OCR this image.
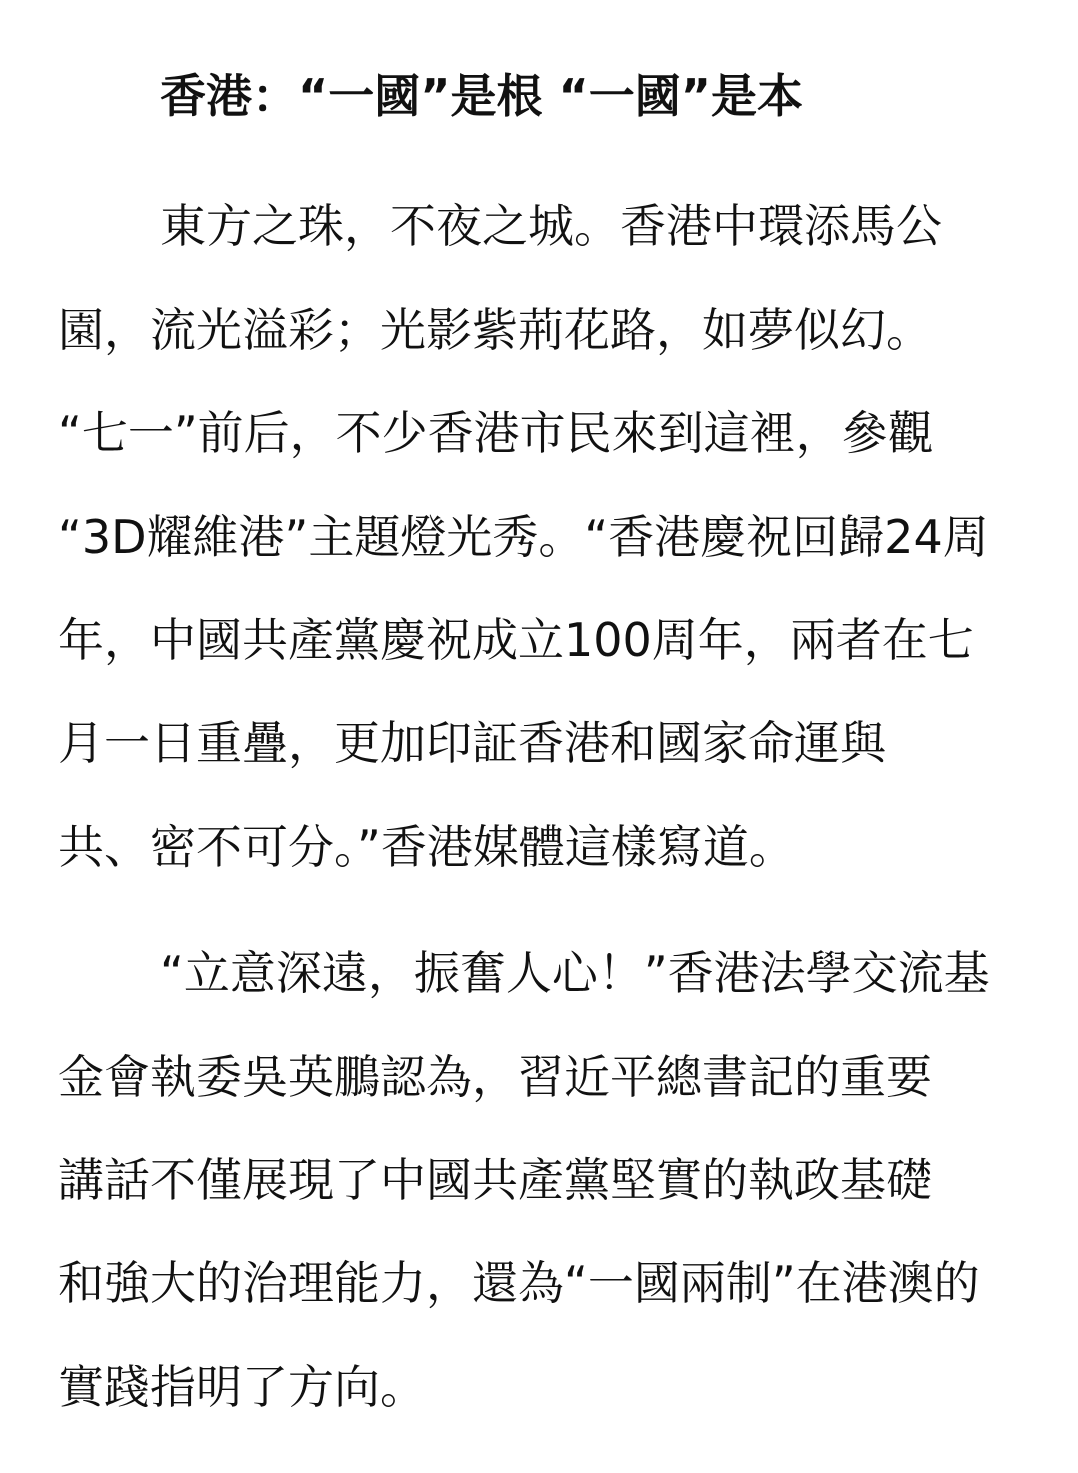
香港：“一國”是根 “一國”是本
東方之珠，不夜之城。香港中環添馬公
園，流光溢彩；光影紫荊花路，如夢似幻。
“七一”前后，不少香港市民來到這裡，參觀
“3D耀維港”主題燈光秀。“香港慶祝回歸24周
年，中國共產黨慶祝成立100周年，兩者在七
月一日重疊，更加印証香港和國家命運與
共、密不可分。”香港媒體這樣寫道。
“立意深遠，振奮人心！”香港法學交流基
金會執委吳英鵬認為，習近平總書記的重要
講話不僅展現了中國共產黨堅實的執政基礎
和強大的治理能力，還為“一國兩制”在港澳的
實踐指明了方向。
